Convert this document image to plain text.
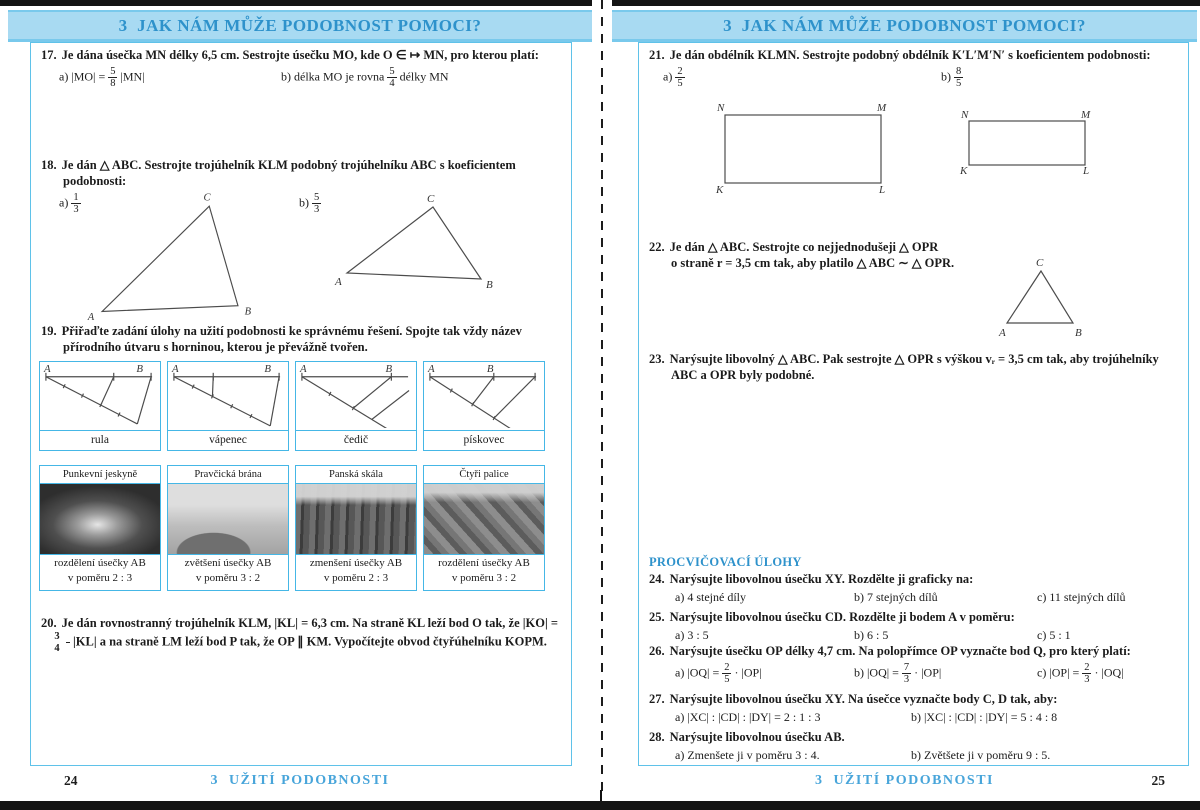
3  JAK NÁM MŮŽE PODOBNOST POMOCI?
17. Je dána úsečka MN délky 6,5 cm. Sestrojte úsečku MO, kde O ∈ ↦ MN, pro kterou platí:
a) $|MO| = \frac{5}{8} |MN|$	b) délka MO je rovna $\frac{5}{4}$ délky MN
18. Je dán △ ABC. Sestrojte trojúhelník KLM podobný trojúhelníku ABC s koeficientem podobnosti:
$a) \frac{1}{3}$	$b) \frac{5}{3}$
C
A
B
C
A	B
19. Přiřaďte zadání úlohy na užití podobnosti ke správnému řešení. Spojte tak vždy název přírodního útvaru s horninou, kterou je převážně tvořen.
A	B
rula
A	B
vápenec
A	B
čedič
A	B
pískovec
Punkevní jeskyně
rozdělení úsečky AB
v poměru 2 : 3
Pravčická brána
zvětšení úsečky AB
v poměru 3 : 2
Panská skála
zmenšení úsečky AB
v poměru 2 : 3
Čtyři palice
rozdělení úsečky AB
v poměru 3 : 2
20. Je dán rovnostranný trojúhelník KLM, |KL| = 6,3 cm. Na straně KL leží bod O tak, že |KO| =
$\frac{3}{4} |KL|$ a na straně LM leží bod P tak, že OP ∥ KM. Vypočítejte obvod čtyřúhelníku KOPM.
24	3  UŽITÍ PODOBNOSTI
3  JAK NÁM MŮŽE PODOBNOST POMOCI?
21. Je dán obdélník KLMN. Sestrojte podobný obdélník K′L′M′N′ s koeficientem podobnosti:
$a) \frac{2}{5}$	$b) \frac{8}{5}$
N	M
K	L
N	M
K	L
22. Je dán △ ABC. Sestrojte co nejjednodušeji △ OPR
o straně r = 3,5 cm tak, aby platilo △ ABC ∼ △ OPR.	C
A	B
23. Narýsujte libovolný △ ABC. Pak sestrojte △ OPR s výškou vᵣ = 3,5 cm tak, aby trojúhelníky ABC a OPR byly podobné.
PROCVIČOVACÍ ÚLOHY
24. Narýsujte libovolnou úsečku XY. Rozdělte ji graficky na:
a) 4 stejné díly	b) 7 stejných dílů	c) 11 stejných dílů
25. Narýsujte libovolnou úsečku CD. Rozdělte ji bodem A v poměru:
a) 3 : 5	b) 6 : 5	c) 5 : 1
26. Narýsujte úsečku OP délky 4,7 cm. Na polopřímce OP vyznačte bod Q, pro který platí:
a) $|OQ| = \frac{2}{5} \cdot |OP|$	b) $|OQ| = \frac{7}{3} \cdot |OP|$	c) $|OP| = \frac{2}{3} \cdot |OQ|$
27. Narýsujte libovolnou úsečku XY. Na úsečce vyznačte body C, D tak, aby:
a) |XC| : |CD| : |DY| = 2 : 1 : 3	b) |XC| : |CD| : |DY| = 5 : 4 : 8
28. Narýsujte libovolnou úsečku AB.
a) Zmenšete ji v poměru 3 : 4.	b) Zvětšete ji v poměru 9 : 5.
3  UŽITÍ PODOBNOSTI	25
